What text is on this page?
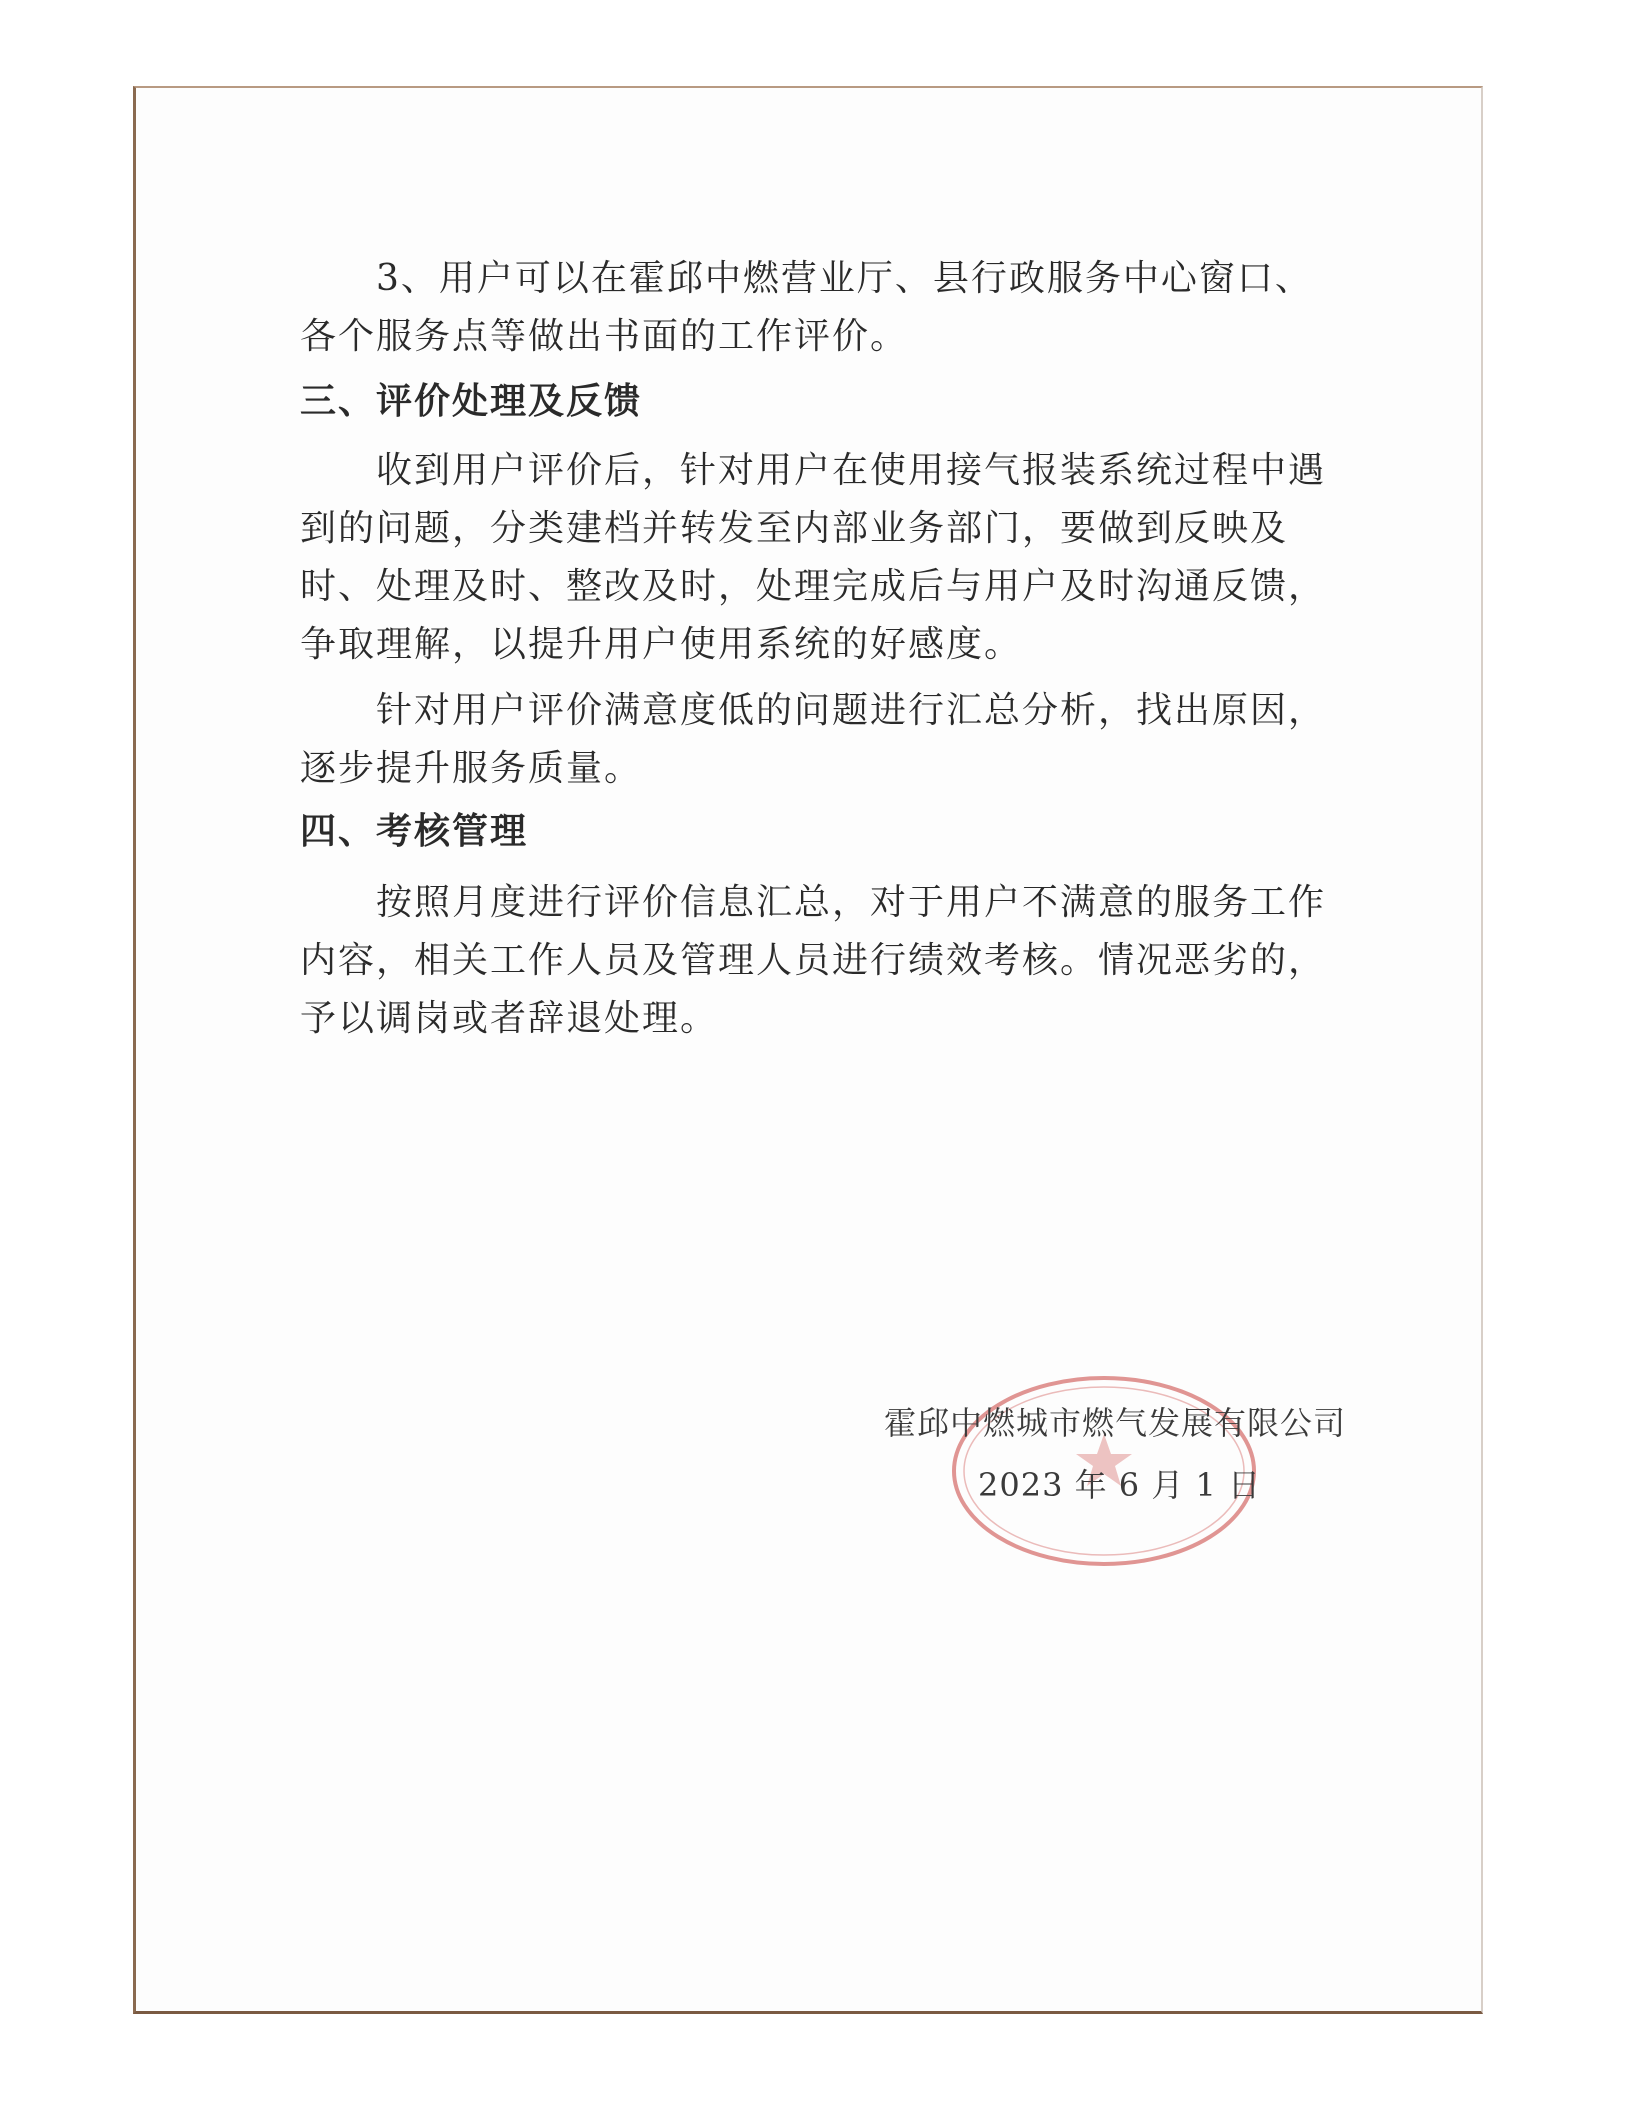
3、用户可以在霍邱中燃营业厅、县行政服务中心窗口、各个服务点等做出书面的工作评价。

三、评价处理及反馈

收到用户评价后，针对用户在使用接气报装系统过程中遇到的问题，分类建档并转发至内部业务部门，要做到反映及时、处理及时、整改及时，处理完成后与用户及时沟通反馈，争取理解，以提升用户使用系统的好感度。

针对用户评价满意度低的问题进行汇总分析，找出原因，逐步提升服务质量。

四、考核管理

按照月度进行评价信息汇总，对于用户不满意的服务工作内容，相关工作人员及管理人员进行绩效考核。情况恶劣的，予以调岗或者辞退处理。

霍邱中燃城市燃气发展有限公司
2023 年 6 月 1 日
